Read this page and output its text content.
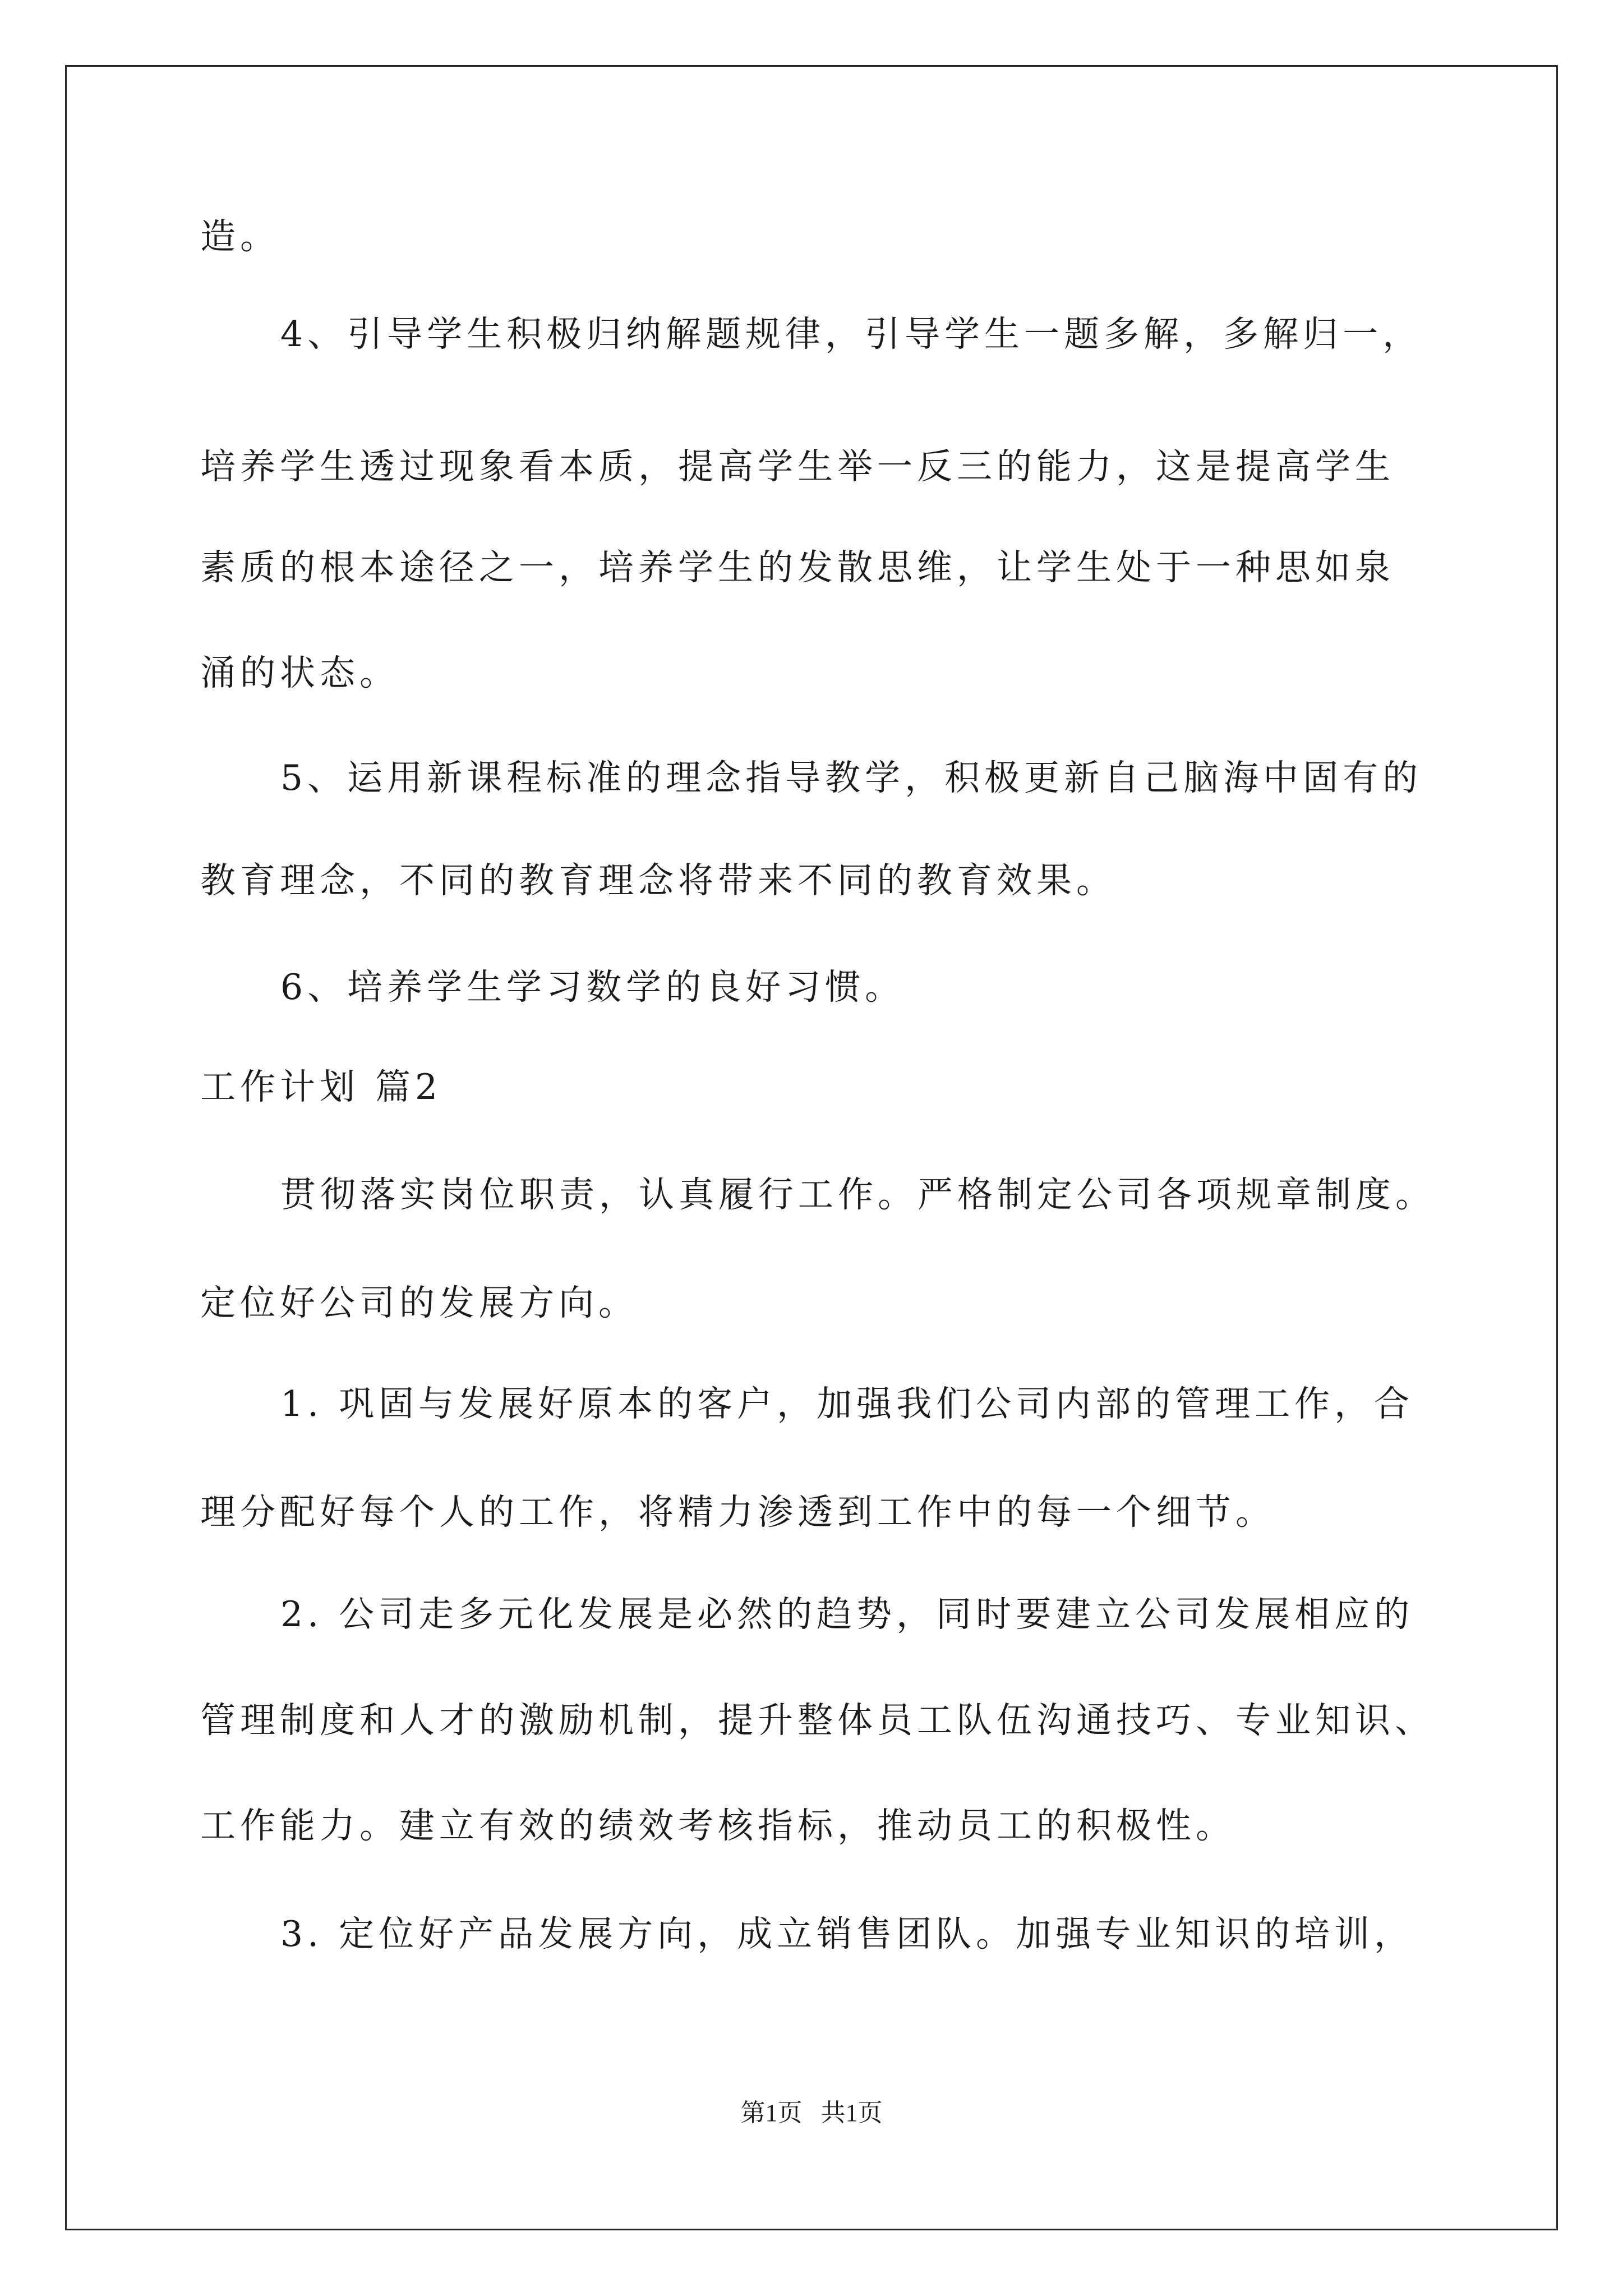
造。
4、引导学生积极归纳解题规律，引导学生一题多解，多解归一，
培养学生透过现象看本质，提高学生举一反三的能力，这是提高学生
素质的根本途径之一，培养学生的发散思维，让学生处于一种思如泉
涌的状态。
5、运用新课程标准的理念指导教学，积极更新自己脑海中固有的
教育理念，不同的教育理念将带来不同的教育效果。
6、培养学生学习数学的良好习惯。
工作计划 篇2
贯彻落实岗位职责，认真履行工作。严格制定公司各项规章制度。
定位好公司的发展方向。
1. 巩固与发展好原本的客户，加强我们公司内部的管理工作，合
理分配好每个人的工作，将精力渗透到工作中的每一个细节。
2. 公司走多元化发展是必然的趋势，同时要建立公司发展相应的
管理制度和人才的激励机制，提升整体员工队伍沟通技巧、专业知识、
工作能力。建立有效的绩效考核指标，推动员工的积极性。
3. 定位好产品发展方向，成立销售团队。加强专业知识的培训，
第1页   共1页
